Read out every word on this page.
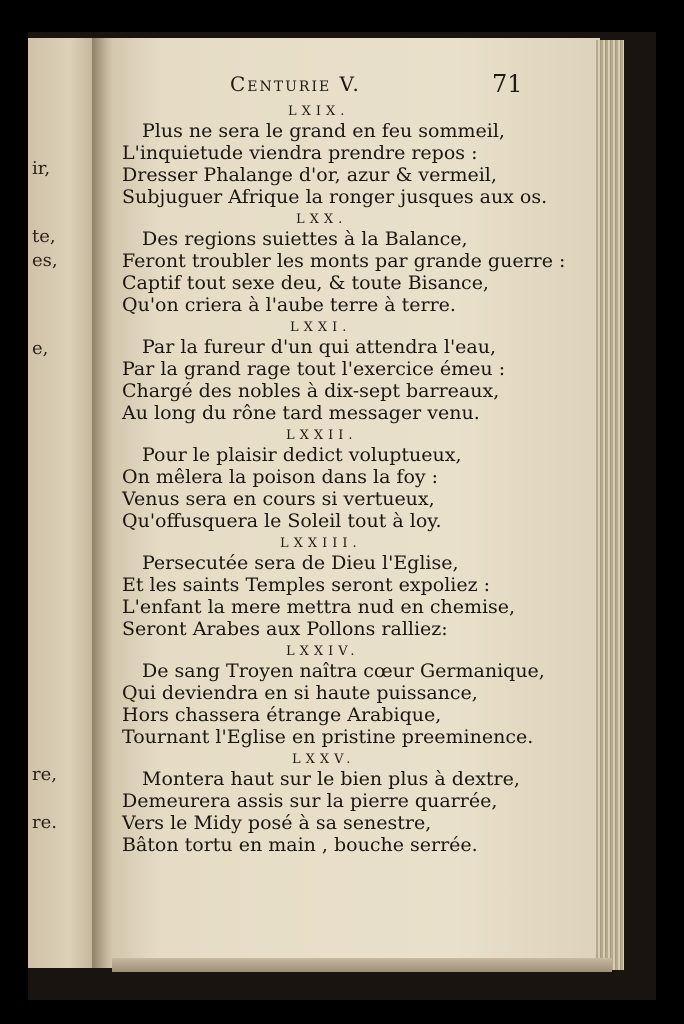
ir,
te,
es,
e,
re,
re.
Centurie V.	71
LXIX.
Plus ne sera le grand en feu sommeil,
L'inquietude viendra prendre repos :
Dresser Phalange d'or, azur & vermeil,
Subjuguer Afrique la ronger jusques aux os.
LXX.
Des regions suiettes à la Balance,
Feront troubler les monts par grande guerre :
Captif tout sexe deu, & toute Bisance,
Qu'on criera à l'aube terre à terre.
LXXI.
Par la fureur d'un qui attendra l'eau,
Par la grand rage tout l'exercice émeu :
Chargé des nobles à dix-sept barreaux,
Au long du rône tard messager venu.
LXXII.
Pour le plaisir dedict voluptueux,
On mêlera la poison dans la foy :
Venus sera en cours si vertueux,
Qu'offusquera le Soleil tout à loy.
LXXIII.
Persecutée sera de Dieu l'Eglise,
Et les saints Temples seront expoliez :
L'enfant la mere mettra nud en chemise,
Seront Arabes aux Pollons ralliez:
LXXIV.
De sang Troyen naîtra cœur Germanique,
Qui deviendra en si haute puissance,
Hors chassera étrange Arabique,
Tournant l'Eglise en pristine preeminence.
LXXV.
Montera haut sur le bien plus à dextre,
Demeurera assis sur la pierre quarrée,
Vers le Midy posé à sa senestre,
Bâton tortu en main , bouche serrée.
